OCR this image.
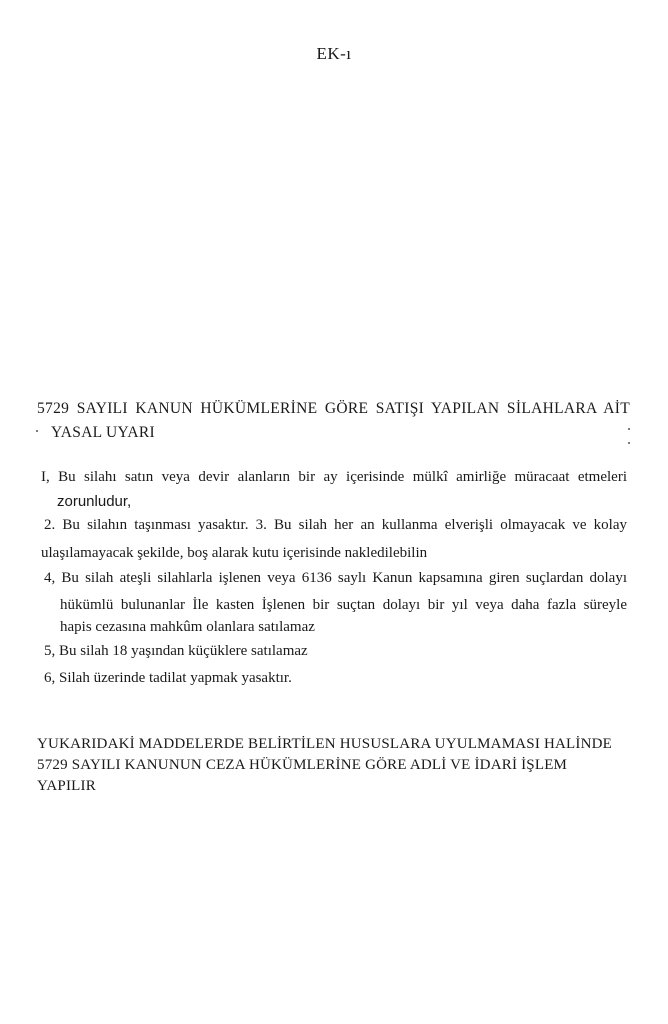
EK-ı
5729 SAYILI KANUN HÜKÜMLERİNE GÖRE SATIŞI YAPILAN SİLAHLARA AİT
YASAL UYARI
I, Bu silahı satın veya devir alanların bir ay içerisinde mülkî amirliğe müracaat etmeleri
zorunludur,
2. Bu silahın taşınması yasaktır. 3. Bu silah her an kullanma elverişli olmayacak ve kolay
ulaşılamayacak şekilde, boş alarak kutu içerisinde nakledilebilin
4, Bu silah ateşli silahlarla işlenen veya 6136 saylı Kanun kapsamına giren suçlardan dolayı
hükümlü bulunanlar İle kasten İşlenen bir suçtan dolayı bir yıl veya daha fazla süreyle
hapis cezasına mahkûm olanlara satılamaz
5, Bu silah 18 yaşından küçüklere satılamaz
6, Silah üzerinde tadilat yapmak yasaktır.
YUKARIDAKİ MADDELERDE BELİRTİLEN HUSUSLARA UYULMAMASI HALİNDE
5729 SAYILI KANUNUN CEZA HÜKÜMLERİNE GÖRE ADLİ VE İDARİ İŞLEM
YAPILIR
